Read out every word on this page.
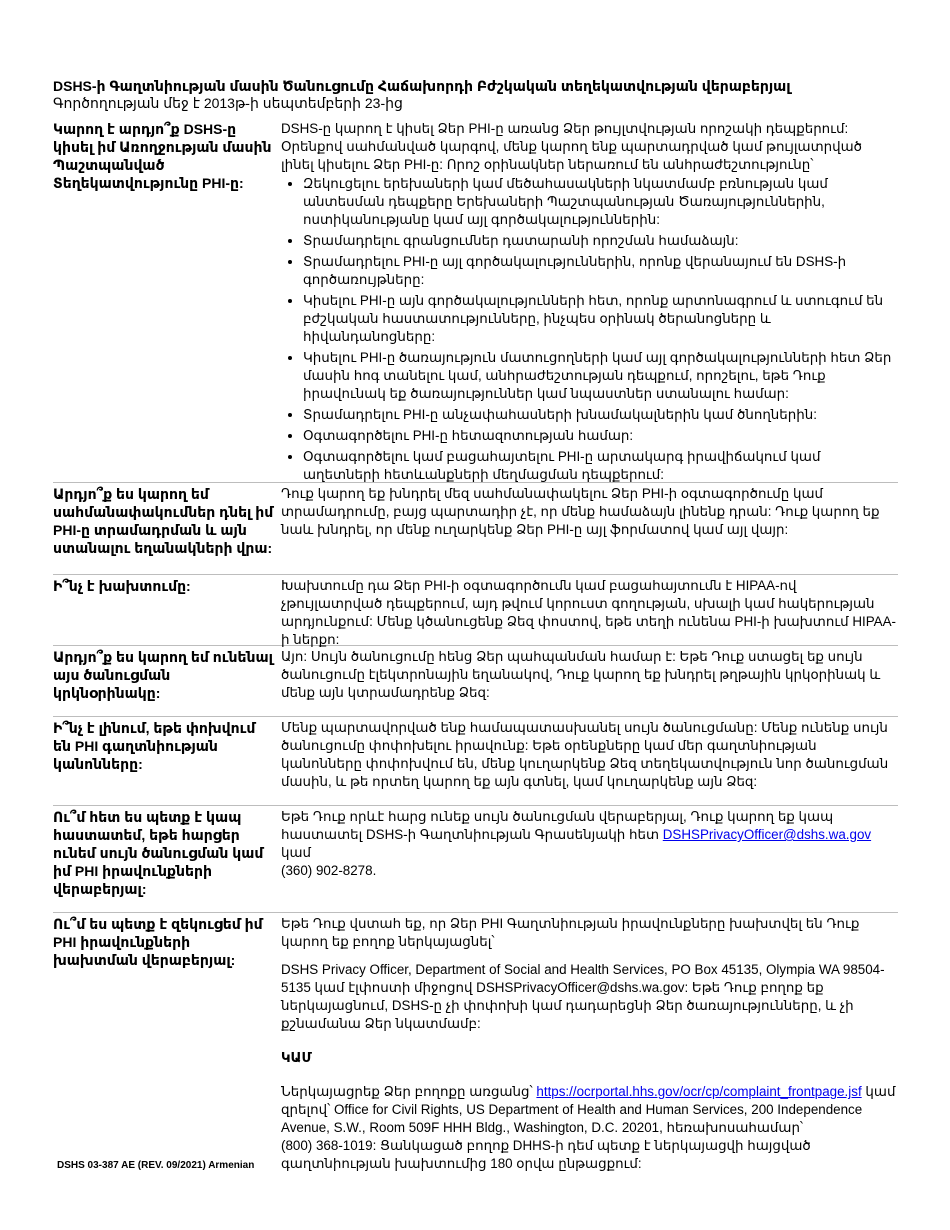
DSHS-ի Գաղտնիության մասին Ծանուցումը Հաճախորդի Բժշկական տեղեկատվության վերաբերյալ
Գործողության մեջ է 2013թ-ի սեպտեմբերի 23-ից
Կարող է արդյո՞ք DSHS-ը կիսել իմ Առողջության մասին Պաշտպանված Տեղեկատվությունը PHI-ը:

DSHS-ը կարող է կիսել Ձեր PHI-ը առանց Ձեր թույլտվության որոշակի դեպքերում: Օրենքով սահմանված կարգով, մենք կարող ենք պարտադրված կամ թույլատրված լինել կիսելու Ձեր PHI-ը: Որոշ օրինակներ ներառում են անհրաժեշտությունը՝

• Զեկուցելու երեխաների կամ մեծահասակների նկատմամբ բռնության կամ անտեսման դեպքերը Երեխաների Պաշտպանության Ծառայություններին, ոստիկանությանը կամ այլ գործակալություններին:
• Տրամադրելու գրանցումներ դատարանի որոշման համաձայն:
• Տրամադրելու PHI-ը այլ գործակալություններին, որոնք վերանայում են DSHS-ի գործառույթները:
• Կիսելու PHI-ը այն գործակալությունների հետ, որոնք արտոնագրում և ստուգում են բժշկական հաստատությունները, ինչպես օրինակ ծերանոցները և հիվանդանոցները:
• Կիսելու PHI-ը ծառայություն մատուցողների կամ այլ գործակալությունների հետ Ձեր մասին հոգ տանելու կամ, անհրաժեշտության դեպքում, որոշելու, եթե Դուք իրավունակ եք ծառայություններ կամ նպաստներ ստանալու համար:
• Տրամադրելու PHI-ը անչափահասների խնամակալներին կամ ծնողներին:
• Օգտագործելու PHI-ը հետազոտության համար:
• Օգտագործելու կամ բացահայտելու PHI-ը արտակարգ իրավիճակում կամ աղետների հետևանքների մեղմացման դեպքերում:
Արդյո՞ք ես կարող եմ սահմանափակումներ դնել իմ PHI-ը տրամադրման և այն ստանալու եղանակների վրա:
Դուք կարող եք խնդրել մեզ սահմանափակելու Ձեր PHI-ի օգտագործումը կամ տրամադրումը, բայց պարտադիր չէ, որ մենք համաձայն լինենք դրան: Դուք կարող եք նաև խնդրել, որ մենք ուղարկենք Ձեր PHI-ը այլ ֆորմատով կամ այլ վայր:
Ի՞նչ է խախտումը:	Խախտումը դա Ձեր PHI-ի օգտագործումն կամ բացահայտումն է HIPAA-ով չթույլատրված դեպքերում, այդ թվում կորուստ գողության, սխալի կամ հակերության արդյունքում: Մենք կծանուցենք Ձեզ փոստով, եթե տեղի ունենա PHI-ի խախտում HIPAA-ի ներքո:
Արդյո՞ք ես կարող եմ ունենալ այս ծանուցման կրկնօրինակը:
Այո: Սույն ծանուցումը հենց Ձեր պահպանման համար է: Եթե Դուք ստացել եք սույն ծանուցումը էլեկտրոնային եղանակով, Դուք կարող եք խնդրել թղթային կրկօրինակ և մենք այն կտրամադրենք Ձեզ:
Ի՞նչ է լինում, եթե փոխվում են PHI գաղտնիության կանոնները:
Մենք պարտավորված ենք համապատասխանել սույն ծանուցմանը: Մենք ունենք սույն ծանուցումը փոփոխելու իրավունք: Եթե օրենքները կամ մեր գաղտնիության կանոնները փոփոխվում են, մենք կուղարկենք Ձեզ տեղեկատվություն նոր ծանուցման մասին, և թե որտեղ կարող եք այն գտնել, կամ կուղարկենք այն Ձեզ:
Ու՞մ հետ ես պետք է կապ հաստատեմ, եթե հարցեր ունեմ սույն ծանուցման կամ իմ PHI իրավունքների վերաբերյալ:
Եթե Դուք որևէ հարց ունեք սույն ծանուցման վերաբերյալ, Դուք կարող եք կապ հաստատել DSHS-ի Գաղտնիության Գրասենյակի հետ DSHSPrivacyOfficer@dshs.wa.gov կամ
(360) 902-8278.
Ու՞մ ես պետք է զեկուցեմ իմ PHI իրավունքների խախտման վերաբերյալ:

Եթե Դուք վստահ եք, որ Ձեր PHI Գաղտնիության իրավունքները խախտվել են Դուք կարող եք բողոք ներկայացնել՝

DSHS Privacy Officer, Department of Social and Health Services, PO Box 45135, Olympia WA 98504-5135 կամ էլփոստի միջոցով DSHSPrivacyOfficer@dshs.wa.gov: Եթե Դուք բողոք եք ներկայացնում, DSHS-ը չի փոփոխի կամ դադարեցնի Ձեր ծառայությունները, և չի քշնամանա Ձեր նկատմամբ:

ԿԱՄ

Ներկայացրեք Ձեր բողոքը առցանց՝ https://ocrportal.hhs.gov/ocr/cp/complaint_frontpage.jsf կամ զրելով՝ Office for Civil Rights, US Department of Health and Human Services, 200 Independence Avenue, S.W., Room 509F HHH Bldg., Washington, D.C. 20201, հեռախոսահամար՝
(800) 368-1019: Ցանկացած բողոք DHHS-ի դեմ պետք է ներկայացվի հայցված գաղտնիության խախտումից 180 օրվա ընթացքում:

DSHS 03-387 AE (REV. 09/2021) Armenian
